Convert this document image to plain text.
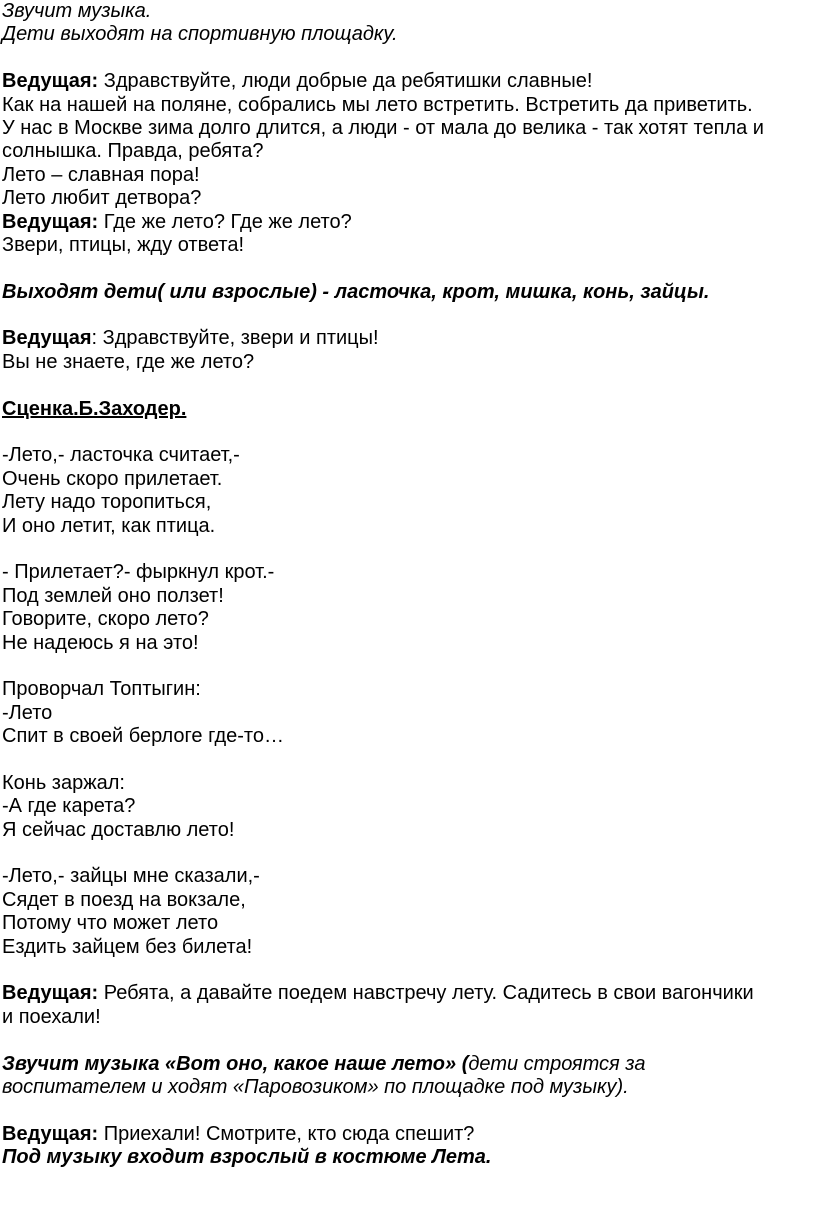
Звучит музыка.
Дети выходят на спортивную площадку.
Ведущая: Здравствуйте, люди добрые да ребятишки славные!
Как на нашей на поляне, собрались мы лето встретить. Встретить да приветить.
У нас в Москве зима долго длится, а люди - от мала до велика - так хотят тепла и
солнышка. Правда, ребята?
Лето – славная пора!
Лето любит детвора?
Ведущая: Где же лето? Где же лето?
Звери, птицы, жду ответа!
Выходят дети( или взрослые) - ласточка, крот, мишка, конь, зайцы.
Ведущая: Здравствуйте, звери и птицы!
Вы не знаете, где же лето?
Сценка.Б.Заходер.
-Лето,- ласточка считает,-
Очень скоро прилетает.
Лету надо торопиться,
И оно летит, как птица.
- Прилетает?- фыркнул крот.-
Под землей оно ползет!
Говорите, скоро лето?
Не надеюсь я на это!
Проворчал Топтыгин:
-Лето
Спит в своей берлоге где-то…
Конь заржал:
-А где карета?
Я сейчас доставлю лето!
-Лето,- зайцы мне сказали,-
Сядет в поезд на вокзале,
Потому что может лето
Ездить зайцем без билета!
Ведущая: Ребята, а давайте поедем навстречу лету. Садитесь в свои вагончики
и поехали!
Звучит музыка «Вот оно, какое наше лето» (дети строятся за
воспитателем и ходят «Паровозиком» по площадке под музыку).
Ведущая: Приехали! Смотрите, кто сюда спешит?
Под музыку входит взрослый в костюме Лета.
